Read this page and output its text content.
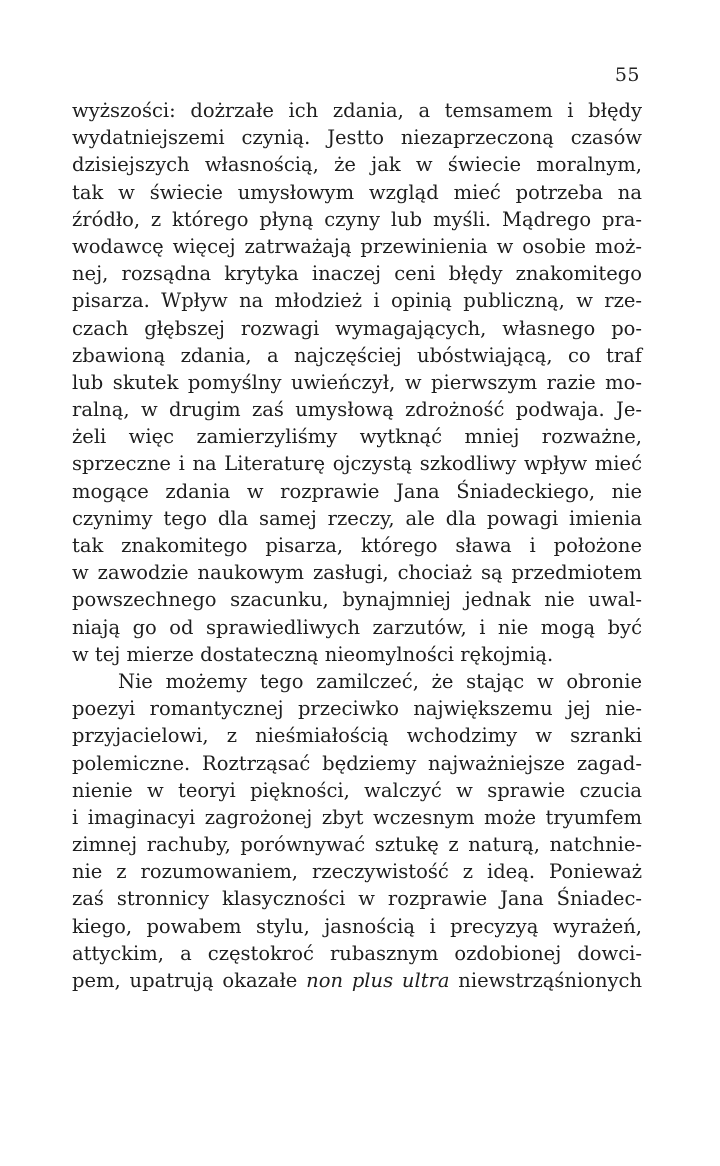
55
wyższości: dożrzałe ich zdania, a temsamem i błędy
wydatniejszemi czynią. Jestto niezaprzeczoną czasów
dzisiejszych własnością, że jak w świecie moralnym,
tak w świecie umysłowym wzgląd mieć potrzeba na
źródło, z którego płyną czyny lub myśli. Mądrego pra-
wodawcę więcej zatrważają przewinienia w osobie moż-
nej, rozsądna krytyka inaczej ceni błędy znakomitego
pisarza. Wpływ na młodzież i opinią publiczną, w rze-
czach głębszej rozwagi wymagających, własnego po-
zbawioną zdania, a najczęściej ubóstwiającą, co traf
lub skutek pomyślny uwieńczył, w pierwszym razie mo-
ralną, w drugim zaś umysłową zdrożność podwaja. Je-
żeli więc zamierzyliśmy wytknąć mniej rozważne,
sprzeczne i na Literaturę ojczystą szkodliwy wpływ mieć
mogące zdania w rozprawie Jana Śniadeckiego, nie
czynimy tego dla samej rzeczy, ale dla powagi imienia
tak znakomitego pisarza, którego sława i położone
w zawodzie naukowym zasługi, chociaż są przedmiotem
powszechnego szacunku, bynajmniej jednak nie uwal-
niają go od sprawiedliwych zarzutów, i nie mogą być
w tej mierze dostateczną nieomylności rękojmią.
Nie możemy tego zamilczeć, że stając w obronie
poezyi romantycznej przeciwko największemu jej nie-
przyjacielowi, z nieśmiałością wchodzimy w szranki
polemiczne. Roztrząsać będziemy najważniejsze zagad-
nienie w teoryi piękności, walczyć w sprawie czucia
i imaginacyi zagrożonej zbyt wczesnym może tryumfem
zimnej rachuby, porównywać sztukę z naturą, natchnie-
nie z rozumowaniem, rzeczywistość z ideą. Ponieważ
zaś stronnicy klasyczności w rozprawie Jana Śniadec-
kiego, powabem stylu, jasnością i precyzyą wyrażeń,
attyckim, a częstokroć rubasznym ozdobionej dowci-
pem, upatrują okazałe non plus ultra niewstrząśnionych
